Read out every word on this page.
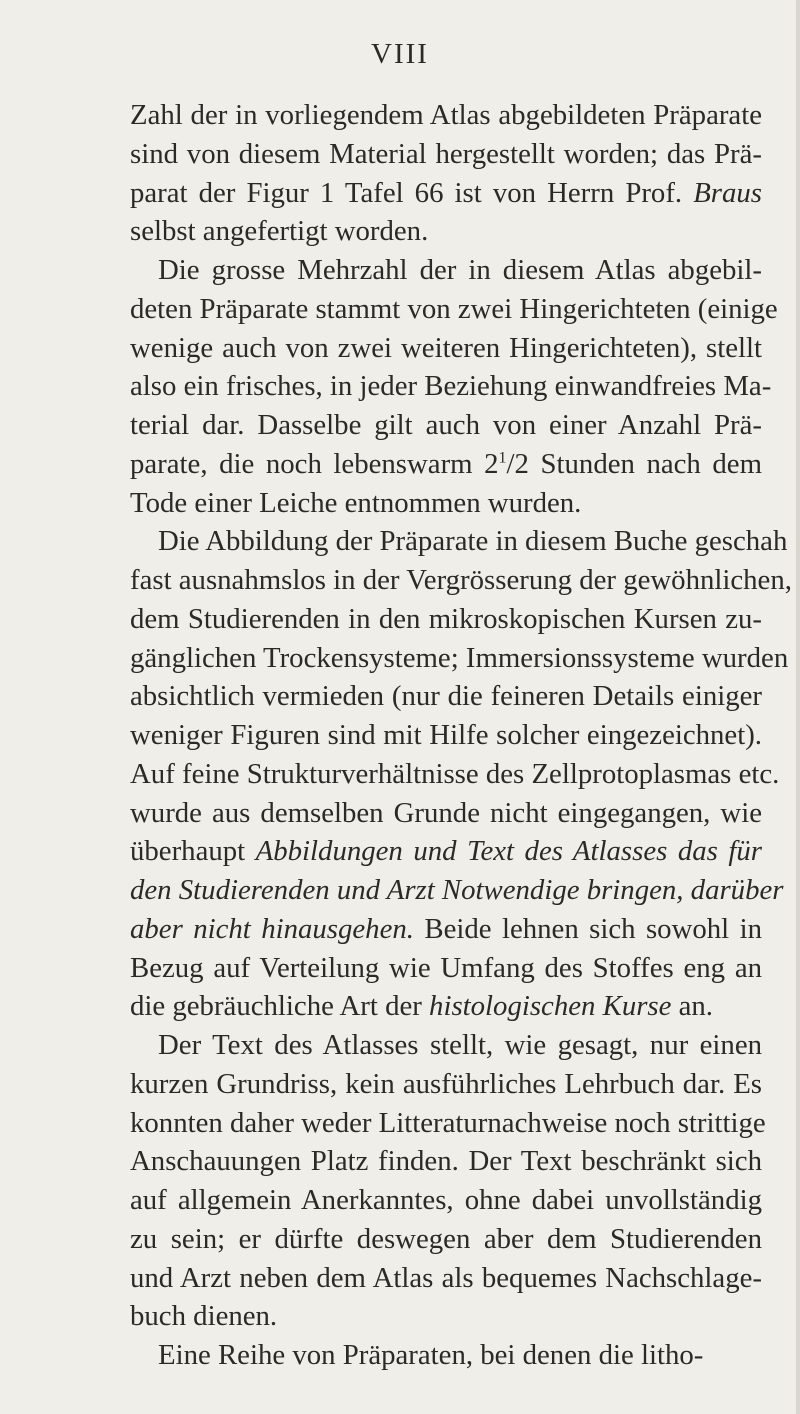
VIII
Zahl der in vorliegendem Atlas abgebildeten Präparate
sind von diesem Material hergestellt worden; das Prä-
parat der Figur 1 Tafel 66 ist von Herrn Prof. Braus
selbst angefertigt worden.
Die grosse Mehrzahl der in diesem Atlas abgebil-
deten Präparate stammt von zwei Hingerichteten (einige
wenige auch von zwei weiteren Hingerichteten), stellt
also ein frisches, in jeder Beziehung einwandfreies Ma-
terial dar. Dasselbe gilt auch von einer Anzahl Prä-
parate, die noch lebenswarm $2^1/2$ Stunden nach dem
Tode einer Leiche entnommen wurden.
Die Abbildung der Präparate in diesem Buche geschah
fast ausnahmslos in der Vergrösserung der gewöhnlichen,
dem Studierenden in den mikroskopischen Kursen zu-
gänglichen Trockensysteme; Immersionssysteme wurden
absichtlich vermieden (nur die feineren Details einiger
weniger Figuren sind mit Hilfe solcher eingezeichnet).
Auf feine Strukturverhältnisse des Zellprotoplasmas etc.
wurde aus demselben Grunde nicht eingegangen, wie
überhaupt Abbildungen und Text des Atlasses das für
den Studierenden und Arzt Notwendige bringen, darüber
aber nicht hinausgehen. Beide lehnen sich sowohl in
Bezug auf Verteilung wie Umfang des Stoffes eng an
die gebräuchliche Art der histologischen Kurse an.
Der Text des Atlasses stellt, wie gesagt, nur einen
kurzen Grundriss, kein ausführliches Lehrbuch dar. Es
konnten daher weder Litteraturnachweise noch strittige
Anschauungen Platz finden. Der Text beschränkt sich
auf allgemein Anerkanntes, ohne dabei unvollständig
zu sein; er dürfte deswegen aber dem Studierenden
und Arzt neben dem Atlas als bequemes Nachschlage-
buch dienen.
Eine Reihe von Präparaten, bei denen die litho-
